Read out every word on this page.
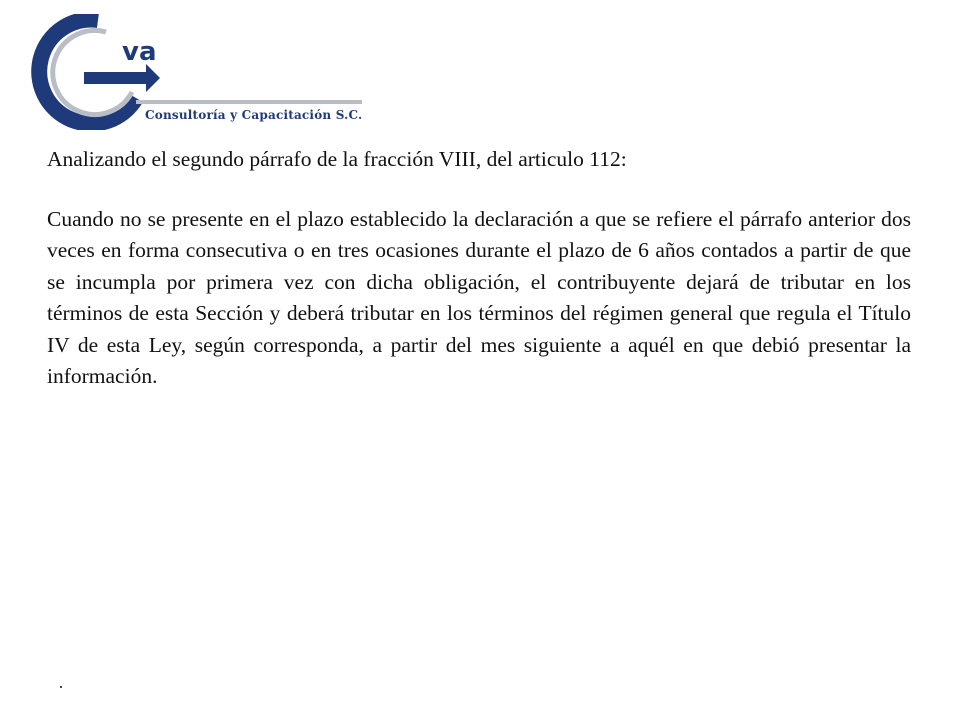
va
Consultoría y Capacitación S.C.

Analizando el segundo párrafo de la fracción VIII, del articulo 112:

Cuando no se presente en el plazo establecido la declaración a que se refiere el párrafo anterior dos veces en forma consecutiva o en tres ocasiones durante el plazo de 6 años contados a partir de que se incumpla por primera vez con dicha obligación, el contribuyente dejará de tributar en los términos de esta Sección y deberá tributar en los términos del régimen general que regula el Título IV de esta Ley, según corresponda, a partir del mes siguiente a aquél en que debió presentar la información.
